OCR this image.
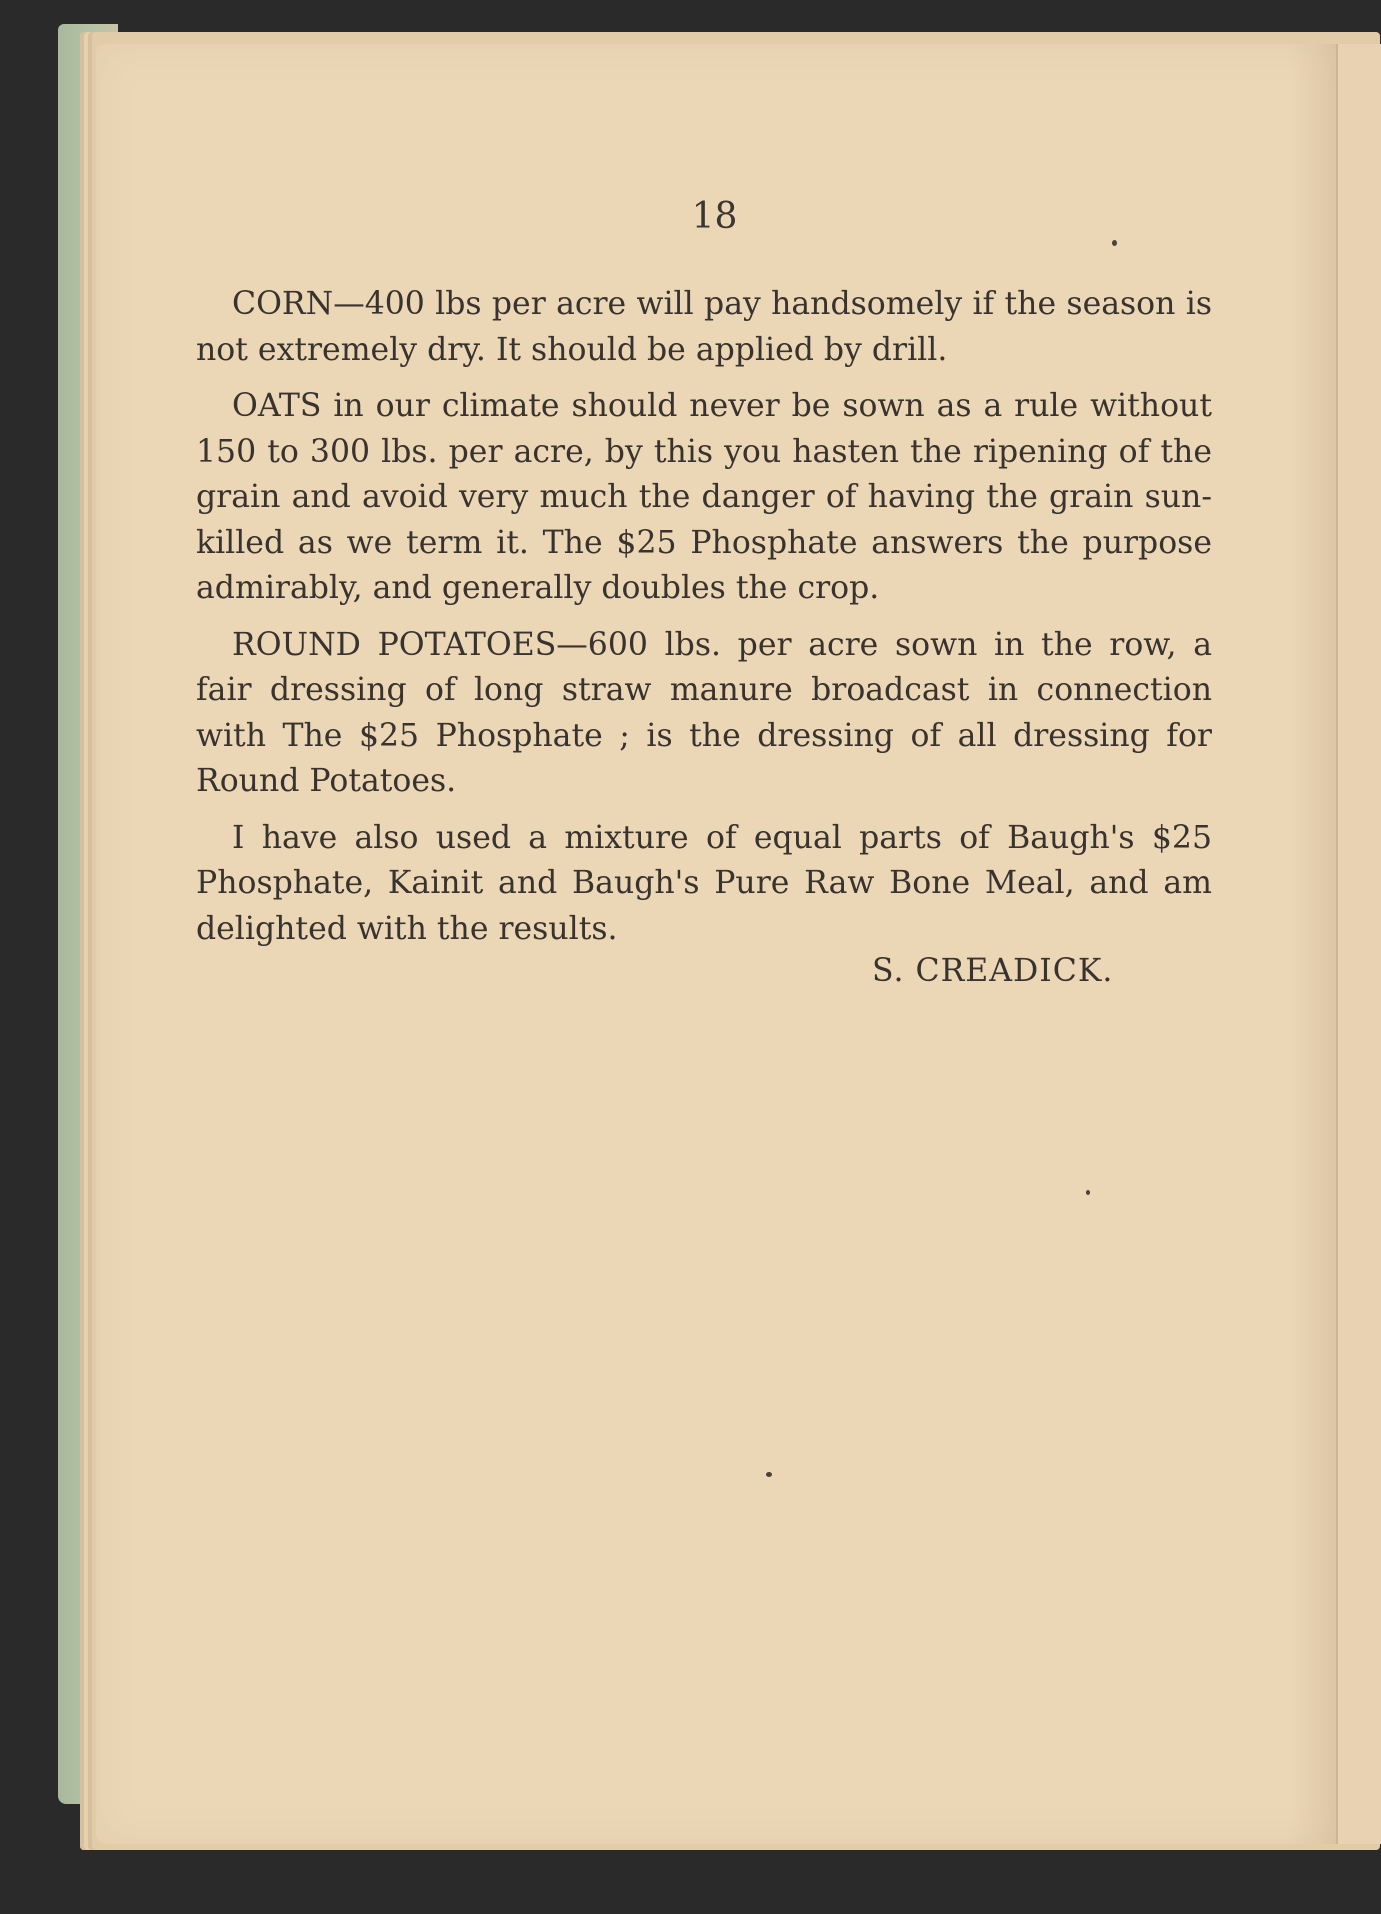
18

CORN—400 lbs per acre will pay handsomely if the season is not extremely dry. It should be applied by drill.

OATS in our climate should never be sown as a rule without 150 to 300 lbs. per acre, by this you hasten the ripening of the grain and avoid very much the danger of having the grain sun-killed as we term it. The $25 Phosphate answers the purpose admirably, and generally doubles the crop.

ROUND POTATOES—600 lbs. per acre sown in the row, a fair dressing of long straw manure broadcast in connection with The $25 Phosphate ; is the dressing of all dressing for Round Potatoes.

I have also used a mixture of equal parts of Baugh's $25 Phosphate, Kainit and Baugh's Pure Raw Bone Meal, and am delighted with the results.

S. CREADICK.
